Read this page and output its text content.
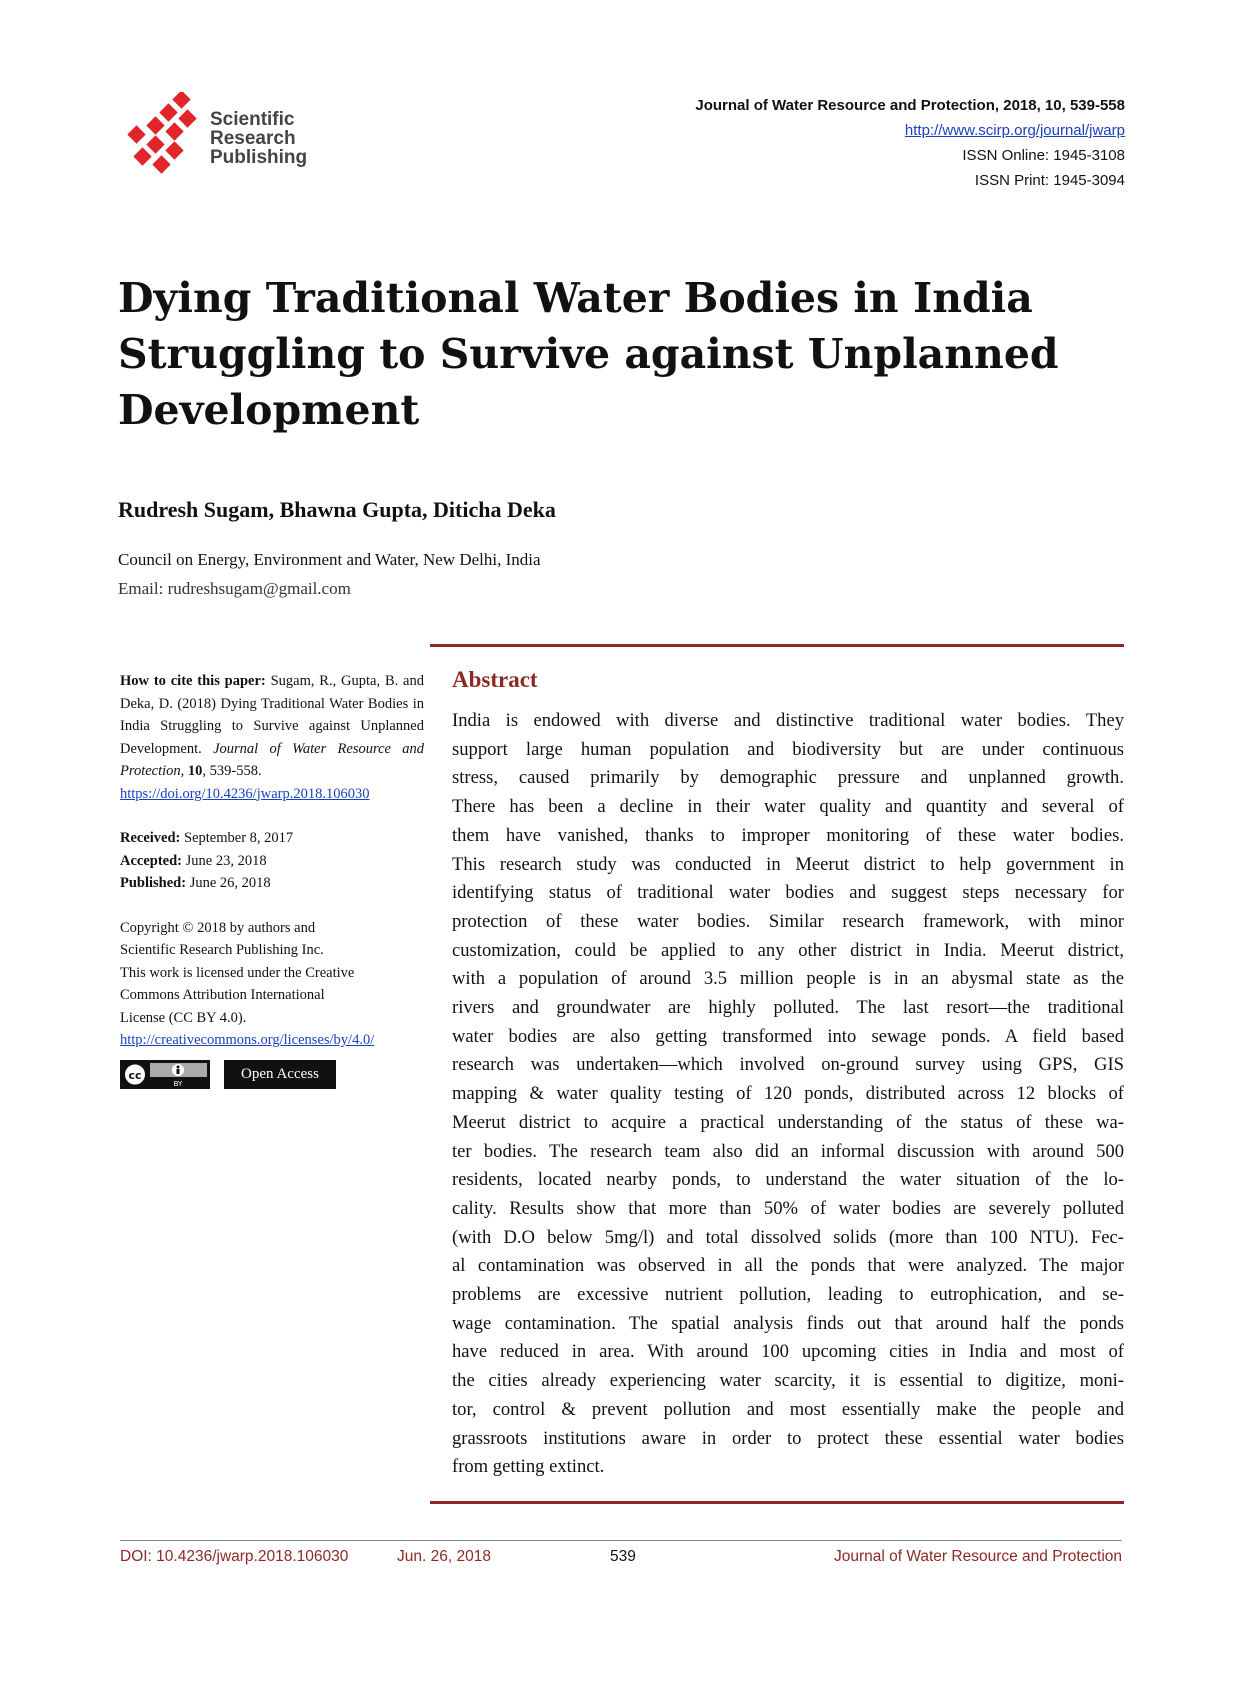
Scientific
Research
Publishing
Journal of Water Resource and Protection, 2018, 10, 539-558
http://www.scirp.org/journal/jwarp
ISSN Online: 1945-3108
ISSN Print: 1945-3094
Dying Traditional Water Bodies in India
Struggling to Survive against Unplanned
Development
Rudresh Sugam, Bhawna Gupta, Diticha Deka
Council on Energy, Environment and Water, New Delhi, India
Email: rudreshsugam@gmail.com
How to cite this paper: Sugam, R., Gupta, B. and Deka, D. (2018) Dying Traditional Water Bodies in India Struggling to Survive against Unplanned Development. Journal of Water Resource and Protection, 10, 539-558.
https://doi.org/10.4236/jwarp.2018.106030
Received: September 8, 2017
Accepted: June 23, 2018
Published: June 26, 2018
Copyright © 2018 by authors and
Scientific Research Publishing Inc.
This work is licensed under the Creative
Commons Attribution International
License (CC BY 4.0).
http://creativecommons.org/licenses/by/4.0/
cc
BY
Open Access
Abstract
India is endowed with diverse and distinctive traditional water bodies. They
support large human population and biodiversity but are under continuous
stress, caused primarily by demographic pressure and unplanned growth.
There has been a decline in their water quality and quantity and several of
them have vanished, thanks to improper monitoring of these water bodies.
This research study was conducted in Meerut district to help government in
identifying status of traditional water bodies and suggest steps necessary for
protection of these water bodies. Similar research framework, with minor
customization, could be applied to any other district in India. Meerut district,
with a population of around 3.5 million people is in an abysmal state as the
rivers and groundwater are highly polluted. The last resort—the traditional
water bodies are also getting transformed into sewage ponds. A field based
research was undertaken—which involved on-ground survey using GPS, GIS
mapping & water quality testing of 120 ponds, distributed across 12 blocks of
Meerut district to acquire a practical understanding of the status of these wa-
ter bodies. The research team also did an informal discussion with around 500
residents, located nearby ponds, to understand the water situation of the lo-
cality. Results show that more than 50% of water bodies are severely polluted
(with D.O below 5mg/l) and total dissolved solids (more than 100 NTU). Fec-
al contamination was observed in all the ponds that were analyzed. The major
problems are excessive nutrient pollution, leading to eutrophication, and se-
wage contamination. The spatial analysis finds out that around half the ponds
have reduced in area. With around 100 upcoming cities in India and most of
the cities already experiencing water scarcity, it is essential to digitize, moni-
tor, control & prevent pollution and most essentially make the people and
grassroots institutions aware in order to protect these essential water bodies
from getting extinct.
DOI: 10.4236/jwarp.2018.106030	Jun. 26, 2018	539	Journal of Water Resource and Protection
